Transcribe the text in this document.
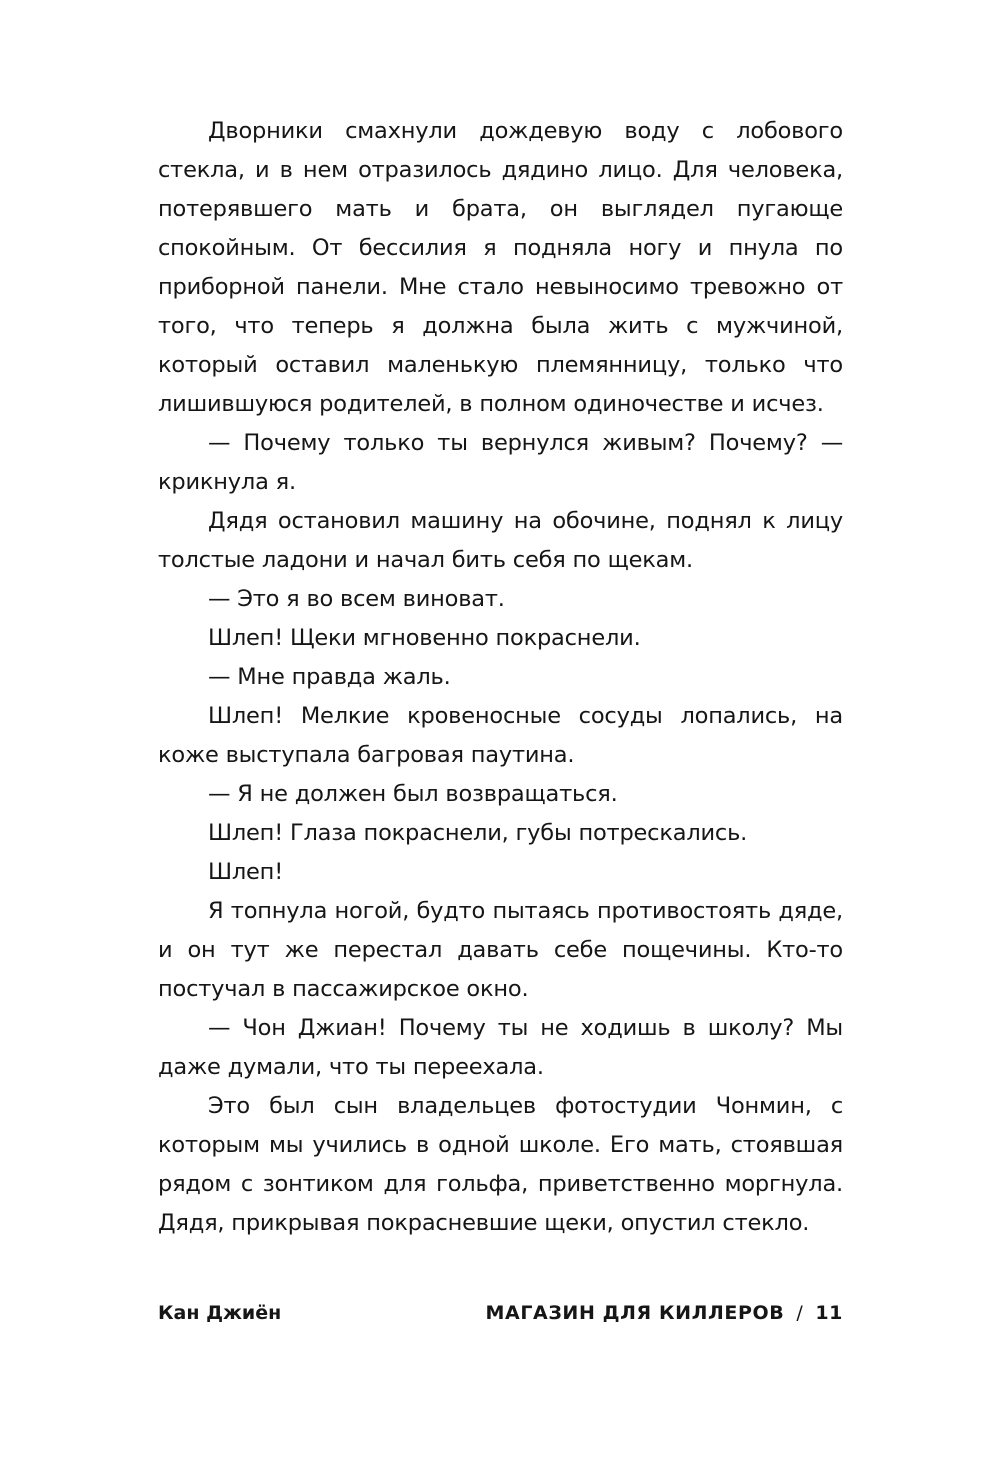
Дворники смахнули дождевую воду с лобового стекла, и в нем отразилось дядино лицо. Для человека, потерявшего мать и брата, он выглядел пугающе спокойным. От бессилия я подняла ногу и пнула по приборной панели. Мне стало невыносимо тревожно от того, что теперь я должна была жить с мужчиной, который оставил маленькую племянницу, только что лишившуюся родителей, в полном одиночестве и исчез.

— Почему только ты вернулся живым? Почему? — крикнула я.

Дядя остановил машину на обочине, поднял к лицу толстые ладони и начал бить себя по щекам.

— Это я во всем виноват.

Шлеп! Щеки мгновенно покраснели.

— Мне правда жаль.

Шлеп! Мелкие кровеносные сосуды лопались, на коже выступала багровая паутина.

— Я не должен был возвращаться.

Шлеп! Глаза покраснели, губы потрескались.

Шлеп!

Я топнула ногой, будто пытаясь противостоять дяде, и он тут же перестал давать себе пощечины. Кто-то постучал в пассажирское окно.

— Чон Джиан! Почему ты не ходишь в школу? Мы даже думали, что ты переехала.

Это был сын владельцев фотостудии Чонмин, с которым мы учились в одной школе. Его мать, стоявшая рядом с зонтиком для гольфа, приветственно моргнула. Дядя, прикрывая покрасневшие щеки, опустил стекло.

Кан Джиён	МАГАЗИН ДЛЯ КИЛЛЕРОВ / 11
